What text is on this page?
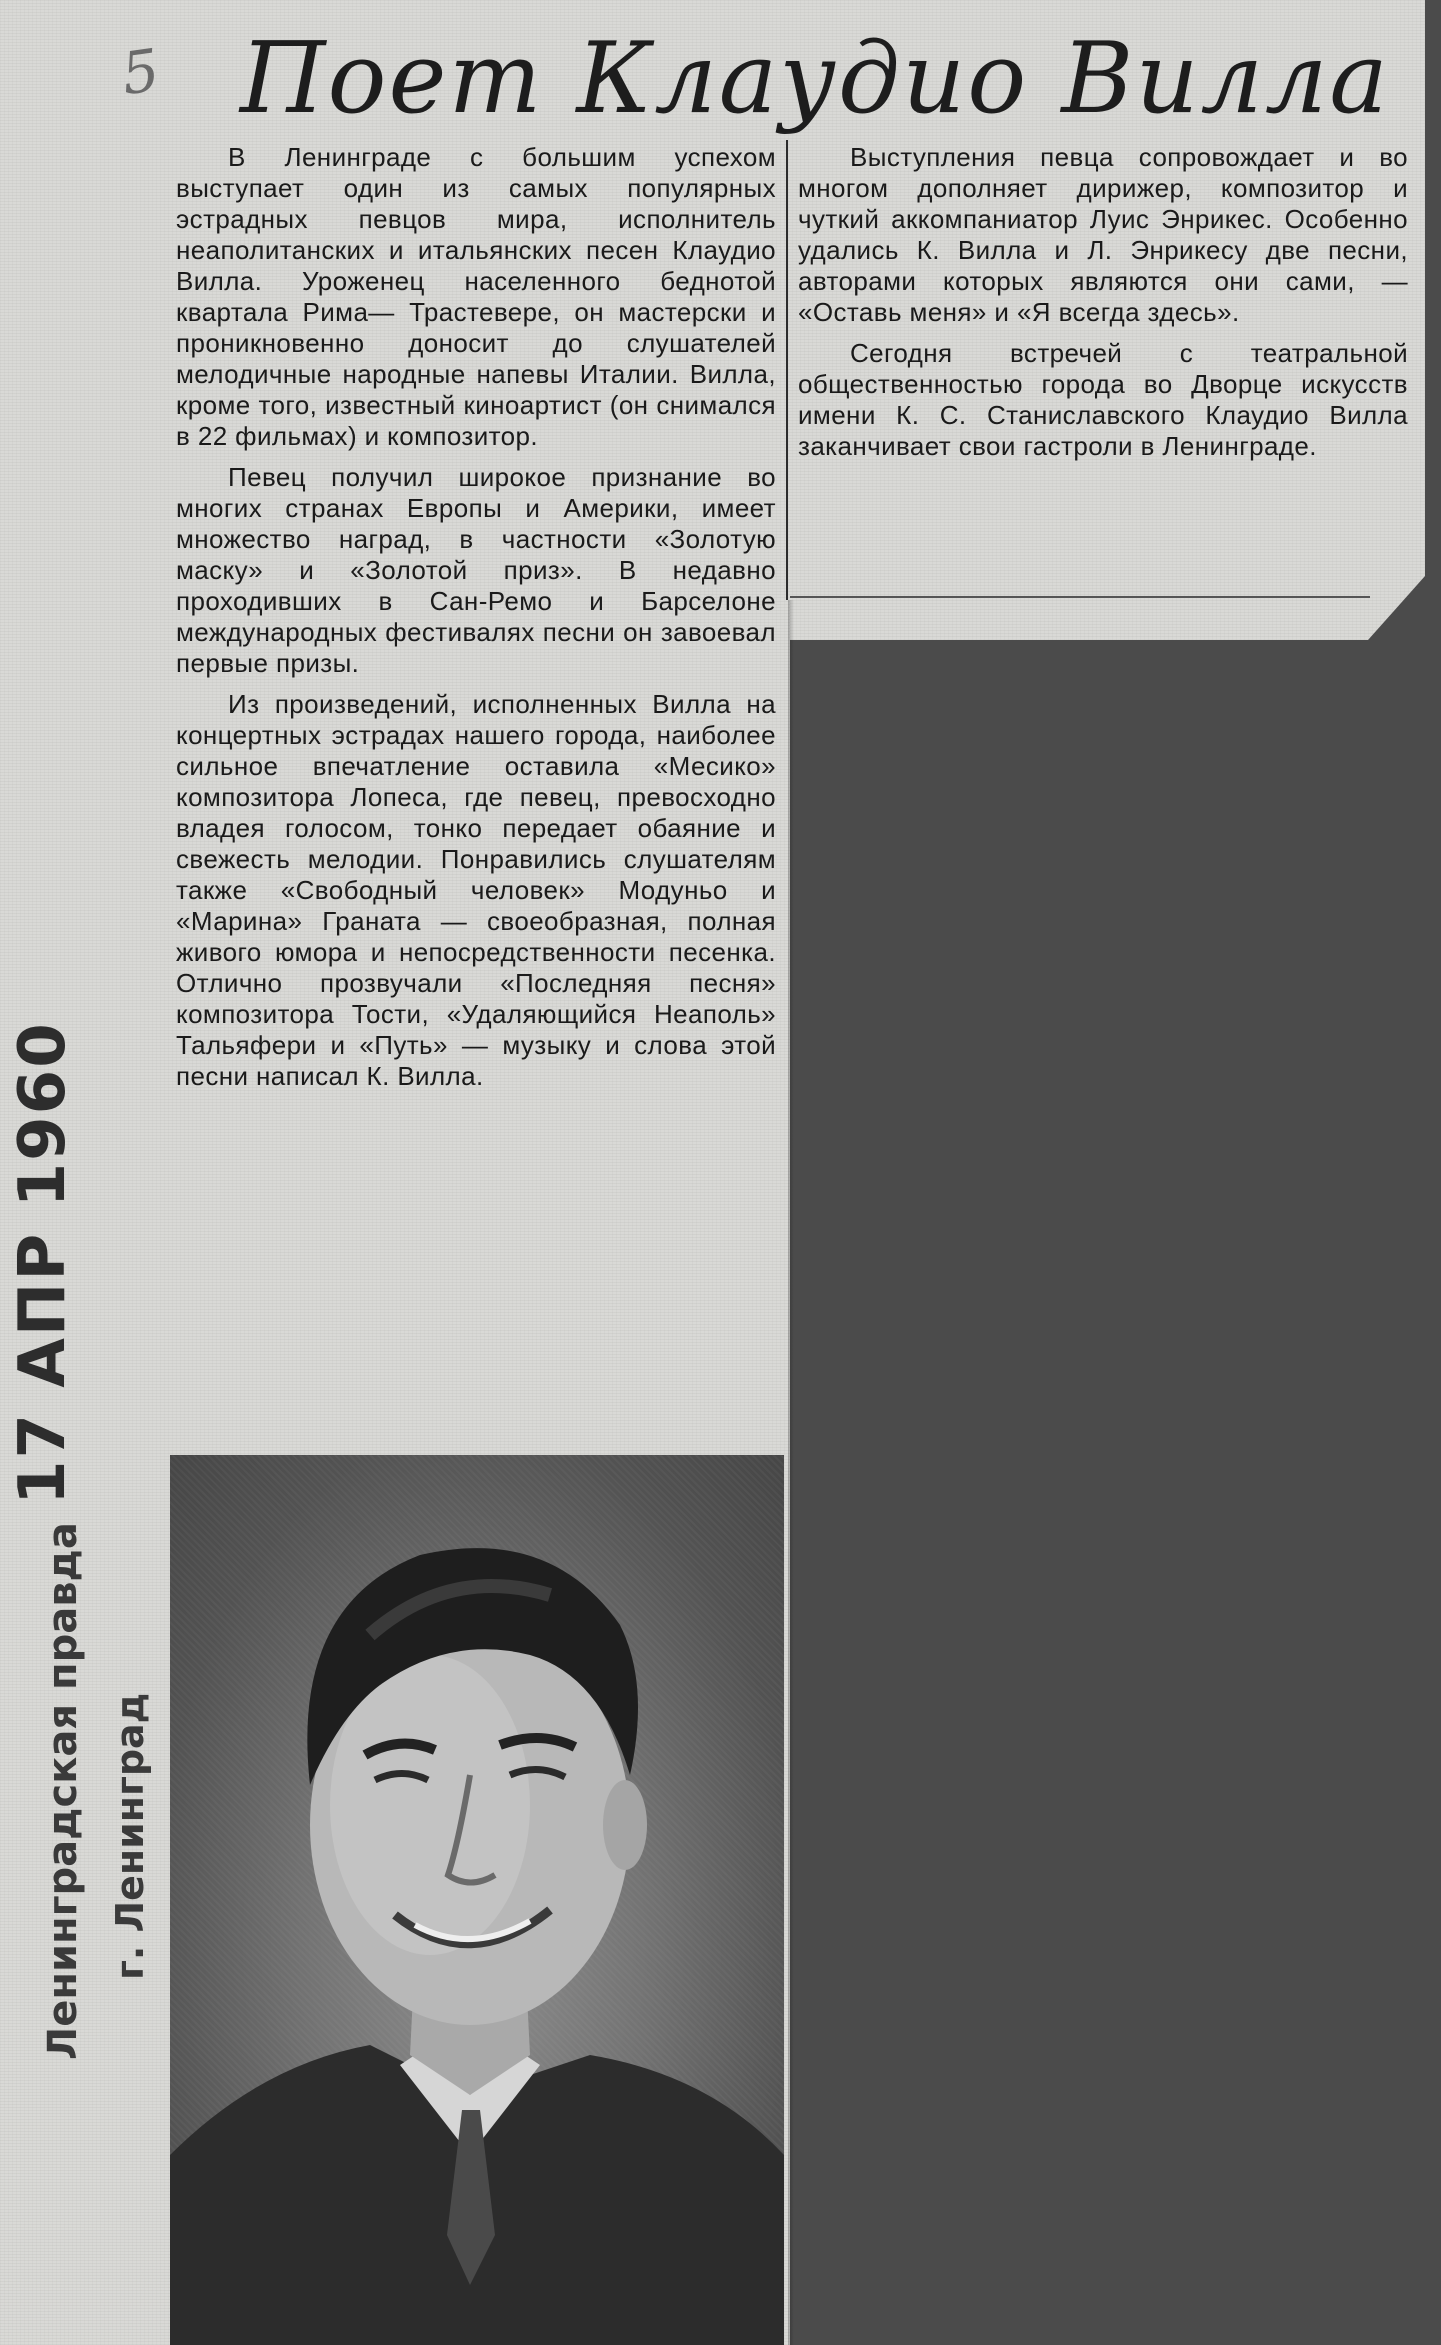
5 Поет Клаудио Вилла

В Ленинграде с большим успехом выступает один из самых популярных эстрадных певцов мира, исполнитель неаполитанских и итальянских песен Клаудио Вилла. Уроженец населенного беднотой квартала Рима— Трастевере, он мастерски и проникновенно доносит до слушателей мелодичные народные напевы Италии. Вилла, кроме того, известный киноартист (он снимался в 22 фильмах) и композитор.

Певец получил широкое признание во многих странах Европы и Америки, имеет множество наград, в частности «Золотую маску» и «Золотой приз». В недавно проходивших в Сан-Ремо и Барселоне международных фестивалях песни он завоевал первые призы.

Из произведений, исполненных Вилла на концертных эстрадах нашего города, наиболее сильное впечатление оставила «Месико» композитора Лопеса, где певец, превосходно владея голосом, тонко передает обаяние и свежесть мелодии. Понравились слушателям также «Свободный человек» Модуньо и «Марина» Граната — своеобразная, полная живого юмора и непосредственности песенка. Отлично прозвучали «Последняя песня» композитора Тости, «Удаляющийся Неаполь» Тальяфери и «Путь» — музыку и слова этой песни написал К. Вилла.

Выступления певца сопровождает и во многом дополняет дирижер, композитор и чуткий аккомпаниатор Луис Энрикес. Особенно удались К. Вилла и Л. Энрикесу две песни, авторами которых являются они сами, — «Оставь меня» и «Я всегда здесь».

Сегодня встречей с театральной общественностью города во Дворце искусств имени К. С. Станиславского Клаудио Вилла заканчивает свои гастроли в Ленинграде.

17 АПР 1960
Ленинградская правда г. Ленинград
